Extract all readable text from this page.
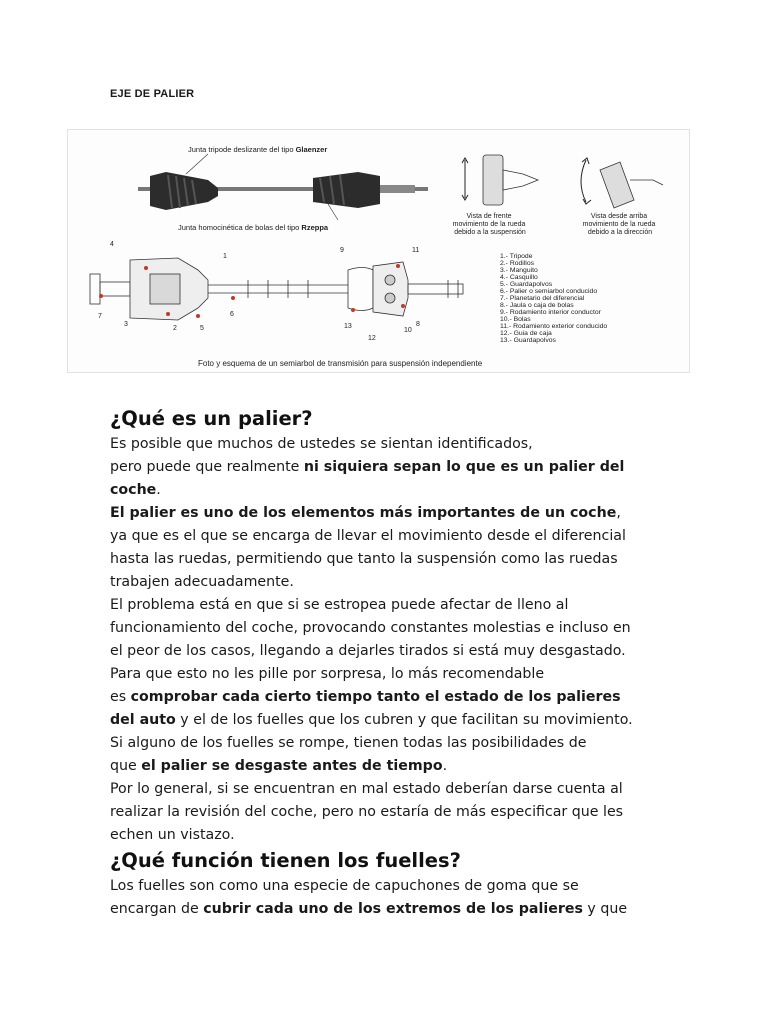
EJE DE PALIER
Junta tripode deslizante del tipo Glaenzer
Junta homocinética de bolas del tipo Rzeppa
Vista de frente movimiento de la rueda debido a la suspensión
Vista desde arriba movimiento de la rueda debido a la dirección
1
2
3
4
5
6
7
8
9
10
11
12
13
1.- Tripode 2.- Rodillos 3.- Manguito 4.- Casquillo 5.- Guardapolvos 6.- Palier o semiarbol conducido 7.- Planetario del diferencial 8.- Jaula o caja de bolas 9.- Rodamiento interior conductor 10.- Bolas 11.- Rodamiento exterior conducido 12.- Guia de caja 13.- Guardapolvos
Foto y esquema de un semiarbol de transmisión para suspensión independiente
¿Qué es un palier?

Es posible que muchos de ustedes se sientan identificados,
pero puede que realmente ni siquiera sepan lo que es un palier del
coche.

El palier es uno de los elementos más importantes de un coche,
ya que es el que se encarga de llevar el movimiento desde el diferencial
hasta las ruedas, permitiendo que tanto la suspensión como las ruedas
trabajen adecuadamente.

El problema está en que si se estropea puede afectar de lleno al
funcionamiento del coche, provocando constantes molestias e incluso en
el peor de los casos, llegando a dejarles tirados si está muy desgastado.
Para que esto no les pille por sorpresa, lo más recomendable
es comprobar cada cierto tiempo tanto el estado de los palieres
del auto y el de los fuelles que los cubren y que facilitan su movimiento.
Si alguno de los fuelles se rompe, tienen todas las posibilidades de
que el palier se desgaste antes de tiempo.

Por lo general, si se encuentran en mal estado deberían darse cuenta al
realizar la revisión del coche, pero no estaría de más especificar que les
echen un vistazo.

¿Qué función tienen los fuelles?

Los fuelles son como una especie de capuchones de goma que se
encargan de cubrir cada uno de los extremos de los palieres y que
